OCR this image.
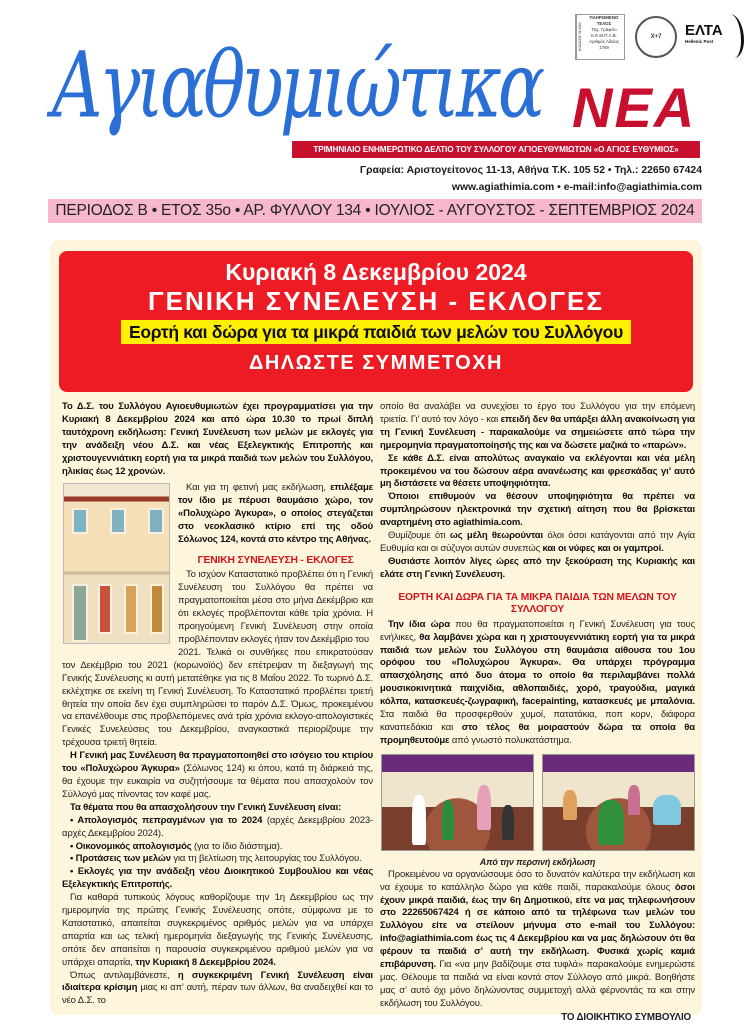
ΚΩΔΙΚΟΣ 014084
ΠΛΗΡΩΜΕΝΟ
ΤΕΛΟΣ
Ταχ. Γραφείο
Κ.Ε.Μ.Π.Α.Β.
Αριθμός Αδείας
1769
X+7	ΕΛΤΑ
Hellenic Post
Αγιαθυμιώτικα ΝΕΑ
ΤΡΙΜΗΝΙΑΙΟ ΕΝΗΜΕΡΩΤΙΚΟ ΔΕΛΤΙΟ ΤΟΥ ΣΥΛΛΟΓΟΥ ΑΓΙΟΕΥΘΥΜΙΩΤΩΝ «Ο ΑΓΙΟΣ ΕΥΘΥΜΙΟΣ»
Γραφεία: Αριστογείτονος 11-13, Αθήνα Τ.Κ. 105 52 • Τηλ.: 22650 67424
www.agiathimia.com • e-mail:info@agiathimia.com
ΠΕΡΙΟΔΟΣ Β • ΕΤΟΣ 35ο • ΑΡ. ΦΥΛΛΟΥ 134 • ΙΟΥΛΙΟΣ - ΑΥΓΟΥΣΤΟΣ - ΣΕΠΤΕΜΒΡΙΟΣ 2024
Κυριακή 8 Δεκεμβρίου 2024
ΓΕΝΙΚΗ ΣΥΝΕΛΕΥΣΗ - ΕΚΛΟΓΕΣ
Εορτή και δώρα για τα μικρά παιδιά των μελών του Συλλόγου
ΔΗΛΩΣΤΕ ΣΥΜΜΕΤΟΧΗ

Το Δ.Σ. του Συλλόγου Αγιοευθυμιωτών έχει προγραμματίσει για την Κυριακή 8 Δεκεμβρίου 2024 και από ώρα 10.30 το πρωί διπλή ταυτόχρονη εκδήλωση: Γενική Συνέλευση των μελών με εκλογές για την ανάδειξη νέου Δ.Σ. και νέας Εξελεγκτικής Επιτροπής και χριστουγεννιάτικη εορτή για τα μικρά παιδιά των μελών του Συλλόγου, ηλικίας έως 12 χρονών.

Και για τη φετινή μας εκδήλωση, επιλέξαμε τον ίδιο με πέρυσι θαυμάσιο χώρο, τον «Πολυχώρο Άγκυρα», ο οποίος στεγάζεται στο νεοκλασικό κτίριο επί της οδού Σόλωνος 124, κοντά στο κέντρο της Αθήνας.

ΓΕΝΙΚΗ ΣΥΝΕΛΕΥΣΗ - ΕΚΛΟΓΕΣ

Το ισχύον Καταστατικό προβλέπει ότι η Γενική Συνέλευση του Συλλόγου θα πρέπει να πραγματοποιείται μέσα στο μήνα Δεκέμβριο και ότι εκλογές προβλέπονται κάθε τρία χρόνια. Η προηγούμενη Γενική Συνέλευση στην οποία προβλέπονταν εκλογές ήταν τον Δεκέμβριο του

2021. Τελικά οι συνθήκες που επικρατούσαν τον Δεκέμβριο του 2021 (κορωνοϊός) δεν επέτρεψαν τη διεξαγωγή της Γενικής Συνέλευσης κι αυτή μετατέθηκε για τις 8 Μαΐου 2022. Το τωρινό Δ.Σ. εκλέχτηκε σε εκείνη τη Γενική Συνέλευση. Το Καταστατικό προβλέπει τριετή θητεία την οποία δεν έχει συμπληρώσει το παρόν Δ.Σ. Όμως, προκειμένου να επανέλθουμε στις προβλεπόμενες ανά τρία χρόνια εκλογο-απολογιστικές Γενικές Συνελεύσεις του Δεκεμβρίου, αναγκαστικά περιορίζουμε την τρέχουσα τριετή θητεία.

Η Γενική μας Συνέλευση θα πραγματοποιηθεί στο ισόγειο του κτιρίου του «Πολυχώρου Άγκυρα» (Σόλωνος 124) κι όπου, κατά τη διάρκειά της, θα έχουμε την ευκαιρία να συζητήσουμε τα θέματα που απασχολούν τον Σύλλογό μας πίνοντας τον καφέ μας.

Τα θέματα που θα απασχολήσουν την Γενική Συνέλευση είναι:

• Απολογισμός πεπραγμένων για το 2024 (αρχές Δεκεμβρίου 2023-αρχές Δεκεμβρίου 2024).

• Οικονομικός απολογισμός (για το ίδιο διάστημα).

• Προτάσεις των μελών για τη βελτίωση της λειτουργίας του Συλλόγου.

• Εκλογές για την ανάδειξη νέου Διοικητικού Συμβουλίου και νέας Εξελεγκτικής Επιτροπής.

Για καθαρά τυπικούς λόγους καθορίζουμε την 1η Δεκεμβρίου ως την ημερομηνία της πρώτης Γενικής Συνέλευσης οπότε, σύμφωνα με το Καταστατικό, απαιτείται συγκεκριμένος αριθμός μελών για να υπάρχει απαρτία και ως τελική ημερομηνία διεξαγωγής της Γενικής Συνέλευσης, οπότε δεν απαιτείται η παρουσία συγκεκριμένου αριθμού μελών για να υπάρχει απαρτία, την Κυριακή 8 Δεκεμβρίου 2024.

Όπως αντιλαμβάνεστε, η συγκεκριμένη Γενική Συνέλευση είναι ιδιαίτερα κρίσιμη μιας κι απ’ αυτή, πέραν των άλλων, θα αναδειχθεί και το νέο Δ.Σ. το

οποίο θα αναλάβει να συνεχίσει το έργο του Συλλόγου για την επόμενη τριετία. Γι’ αυτό τον λόγο - και επειδή δεν θα υπάρξει άλλη ανακοίνωση για τη Γενική Συνέλευση - παρακαλούμε να σημειώσετε από τώρα την ημερομηνία πραγματοποίησής της και να δώσετε μαζικά το «παρών».

Σε κάθε Δ.Σ. είναι απολύτως αναγκαίο να εκλέγονται και νέα μέλη προκειμένου να του δώσουν αέρα ανανέωσης και φρεσκάδας γι’ αυτό μη διστάσετε να θέσετε υποψηφιότητα.

Όποιοι επιθυμούν να θέσουν υποψηφιότητα θα πρέπει να συμπληρώσουν ηλεκτρονικά την σχετική αίτηση που θα βρίσκεται αναρτημένη στο agiathimia.com.

Θυμίζουμε ότι ως μέλη θεωρούνται όλοι όσοι κατάγονται από την Αγία Ευθυμία και οι σύζυγοι αυτών συνεπώς και οι νύφες και οι γαμπροί.

Θυσιάστε λοιπόν λίγες ώρες από την ξεκούραση της Κυριακής και ελάτε στη Γενική Συνέλευση.

ΕΟΡΤΗ ΚΑΙ ΔΩΡΑ ΓΙΑ ΤΑ ΜΙΚΡΑ ΠΑΙΔΙΑ ΤΩΝ ΜΕΛΩΝ ΤΟΥ ΣΥΛΛΟΓΟΥ

Την ίδια ώρα που θα πραγματοποιείται η Γενική Συνέλευση για τους ενήλικες, θα λαμβάνει χώρα και η χριστουγεννιάτικη εορτή για τα μικρά παιδιά των μελών του Συλλόγου στη θαυμάσια αίθουσα του 1ου ορόφου του «Πολυχώρου Άγκυρα». Θα υπάρχει πρόγραμμα απασχόλησης από δυο άτομα το οποίο θα περιλαμβάνει πολλά μουσικοκινητικά παιχνίδια, αθλοπαιδιές, χορό, τραγούδια, μαγικά κόλπα, κατασκευές-ζωγραφική, facepainting, κατασκευές με μπαλόνια. Στα παιδιά θα προσφερθούν χυμοί, πατατάκια, ποπ κορν, διάφορα καναπεδάκια και στο τέλος θα μοιραστούν δώρα τα οποία θα προμηθευτούμε από γνωστό πολυκατάστημα.

Από την περσινή εκδήλωση

Προκειμένου να οργανώσουμε όσο το δυνατόν καλύτερα την εκδήλωση και να έχουμε το κατάλληλο δώρο για κάθε παιδί, παρακαλούμε όλους όσοι έχουν μικρά παιδιά, έως την 6η Δημοτικού, είτε να μας τηλεφωνήσουν στο 22265067424 ή σε κάποιο από τα τηλέφωνα των μελών του Συλλόγου είτε να στείλουν μήνυμα στο e-mail του Συλλόγου: info@agiathimia.com έως τις 4 Δεκεμβρίου και να μας δηλώσουν ότι θα φέρουν τα παιδιά σ’ αυτή την εκδήλωση. Φυσικά χωρίς καμιά επιβάρυνση. Για «να μην βαδίζουμε στα τυφλά» παρακαλούμε ενημερώστε μας. Θέλουμε τα παιδιά να είναι κοντά στον Σύλλογο από μικρά. Βοηθήστε μας σ’ αυτό όχι μόνο δηλώνοντας συμμετοχή αλλά φέρνοντάς τα και στην εκδήλωση του Συλλόγου.

ΤΟ ΔΙΟΙΚΗΤΙΚΟ ΣΥΜΒΟΥΛΙΟ
